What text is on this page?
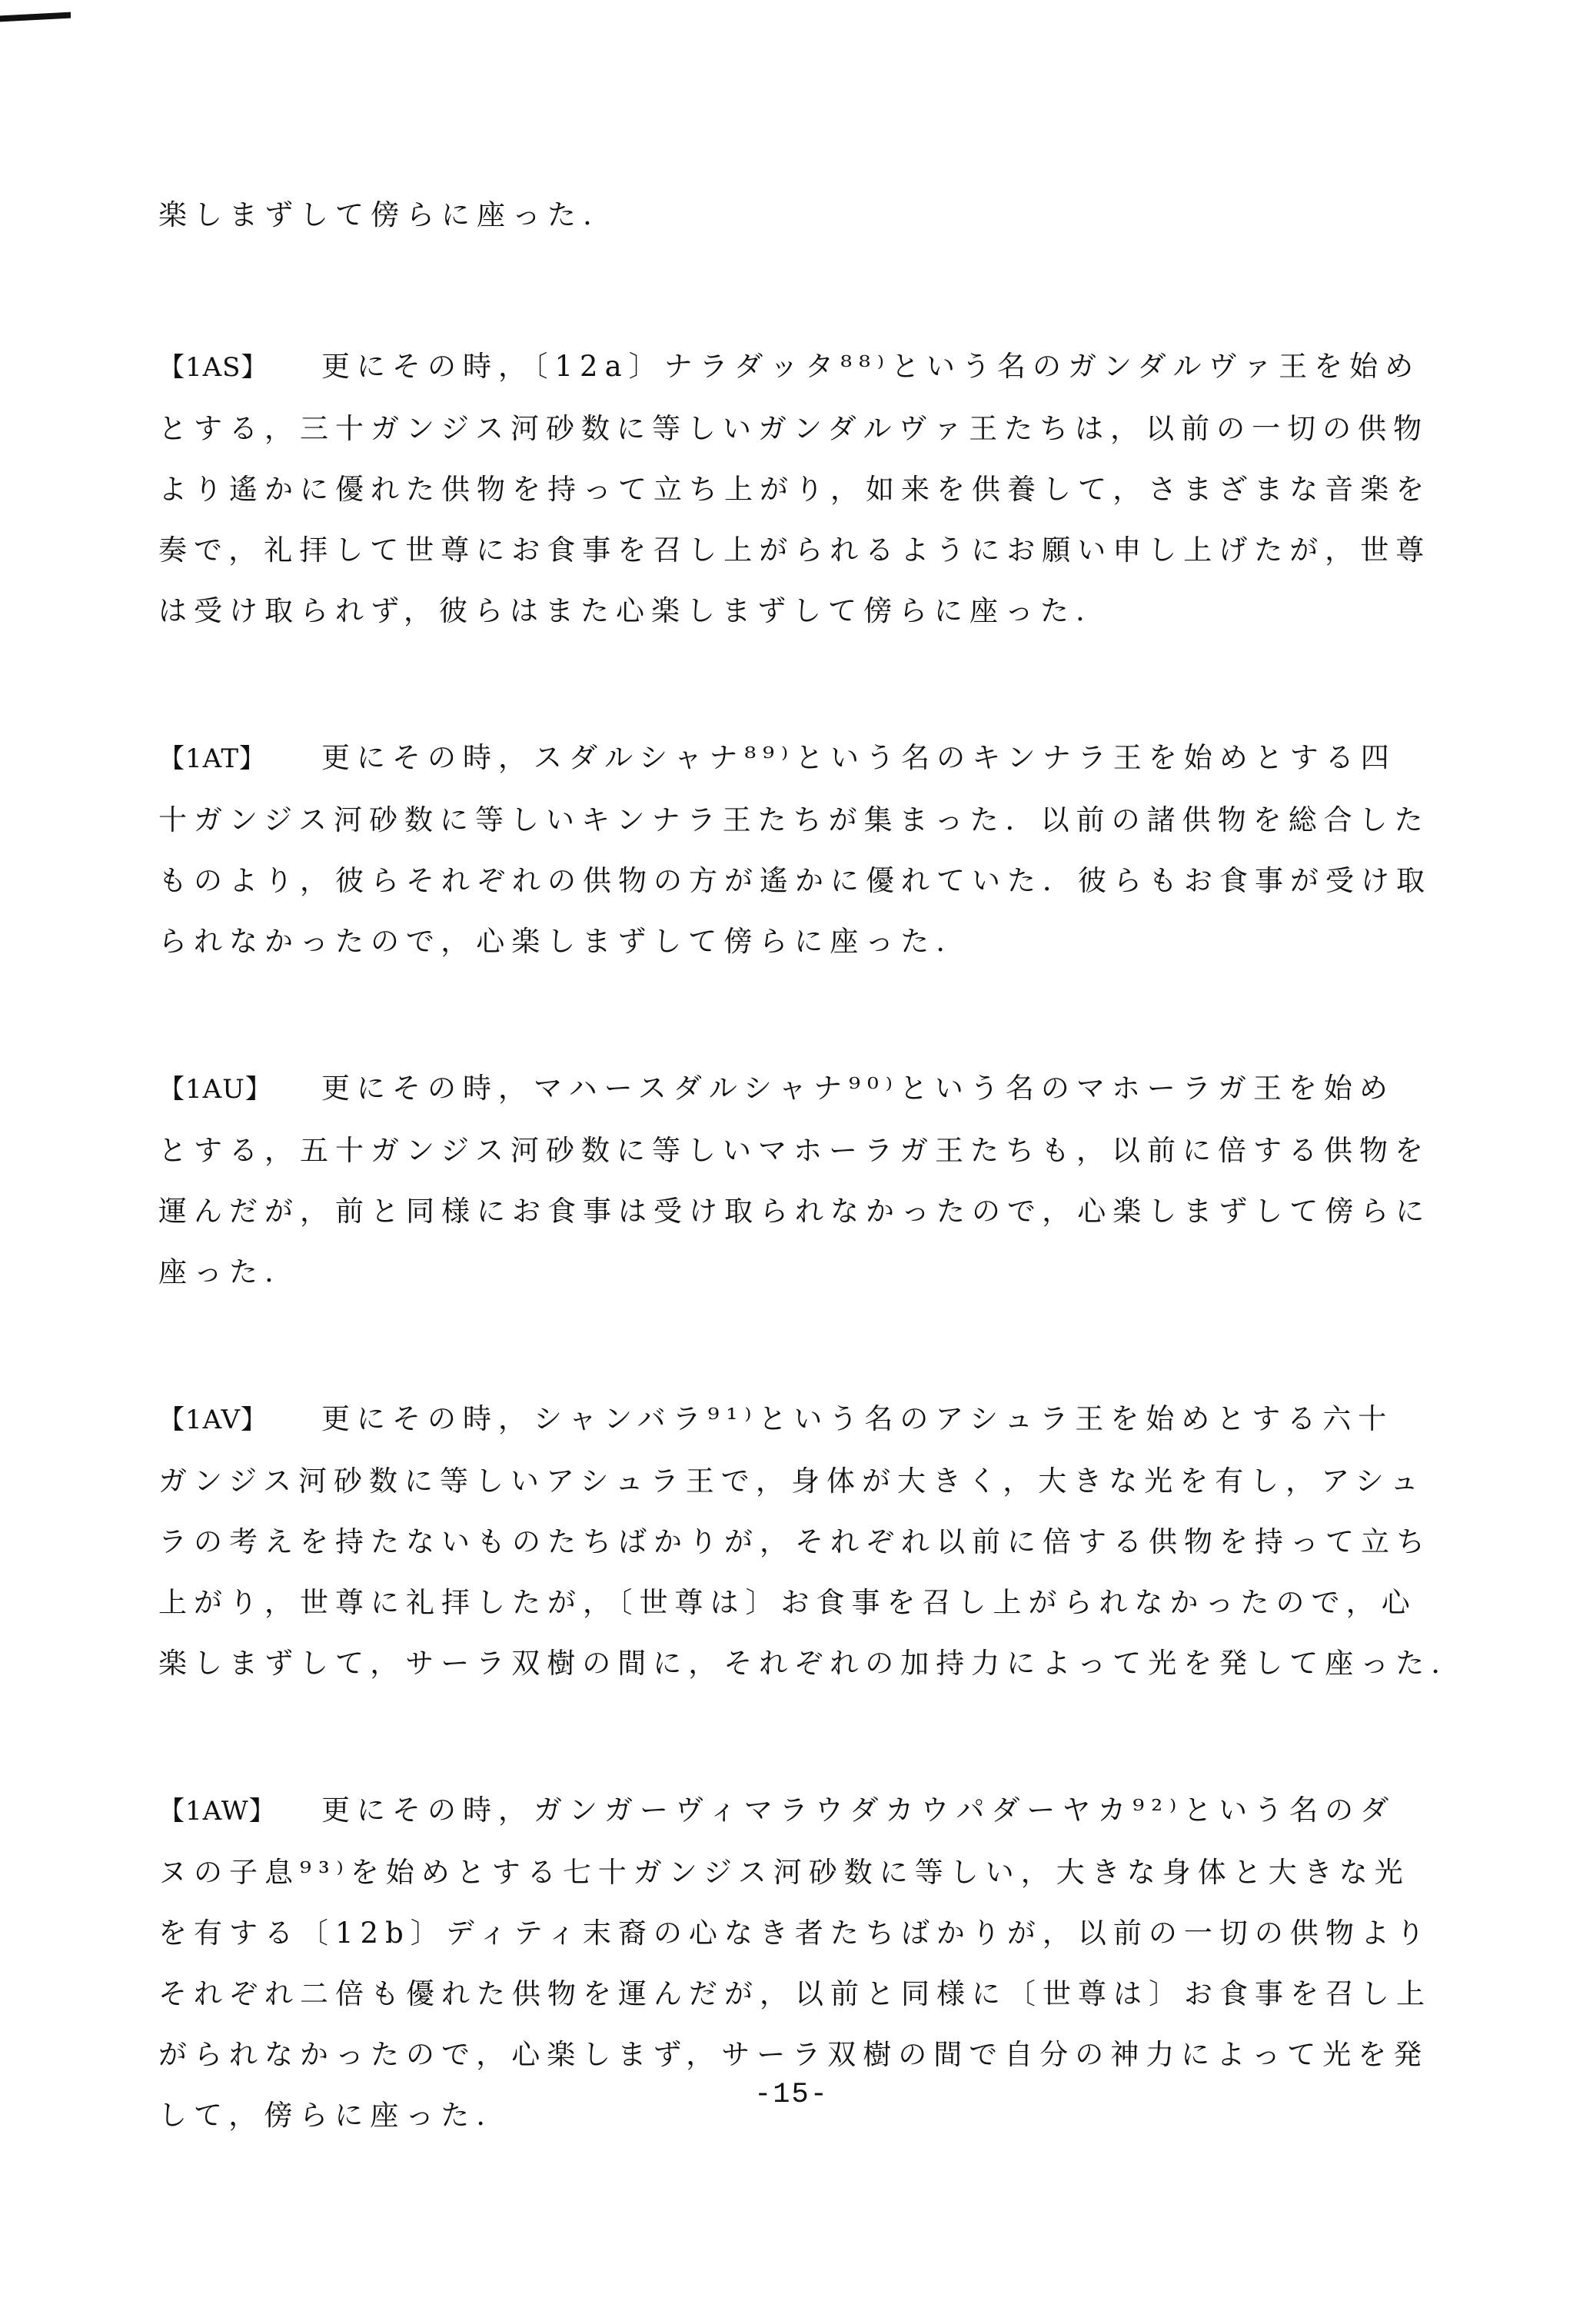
楽しまずして傍らに座った.
【1AS】 更にその時，〔12a〕ナラダッタ⁸⁸⁾という名のガンダルヴァ王を始め
とする，三十ガンジス河砂数に等しいガンダルヴァ王たちは，以前の一切の供物
より遙かに優れた供物を持って立ち上がり，如来を供養して，さまざまな音楽を
奏で，礼拝して世尊にお食事を召し上がられるようにお願い申し上げたが，世尊
は受け取られず，彼らはまた心楽しまずして傍らに座った.
【1AT】 更にその時，スダルシャナ⁸⁹⁾という名のキンナラ王を始めとする四
十ガンジス河砂数に等しいキンナラ王たちが集まった．以前の諸供物を総合した
ものより，彼らそれぞれの供物の方が遙かに優れていた．彼らもお食事が受け取
られなかったので，心楽しまずして傍らに座った.
【1AU】 更にその時，マハースダルシャナ⁹⁰⁾という名のマホーラガ王を始め
とする，五十ガンジス河砂数に等しいマホーラガ王たちも，以前に倍する供物を
運んだが，前と同様にお食事は受け取られなかったので，心楽しまずして傍らに
座った.
【1AV】 更にその時，シャンバラ⁹¹⁾という名のアシュラ王を始めとする六十
ガンジス河砂数に等しいアシュラ王で，身体が大きく，大きな光を有し，アシュ
ラの考えを持たないものたちばかりが，それぞれ以前に倍する供物を持って立ち
上がり，世尊に礼拝したが，〔世尊は〕お食事を召し上がられなかったので，心
楽しまずして，サーラ双樹の間に，それぞれの加持力によって光を発して座った.
【1AW】 更にその時，ガンガーヴィマラウダカウパダーヤカ⁹²⁾という名のダ
ヌの子息⁹³⁾を始めとする七十ガンジス河砂数に等しい，大きな身体と大きな光
を有する〔12b〕ディティ末裔の心なき者たちばかりが，以前の一切の供物より
それぞれ二倍も優れた供物を運んだが，以前と同様に〔世尊は〕お食事を召し上
がられなかったので，心楽しまず，サーラ双樹の間で自分の神力によって光を発
して，傍らに座った.
-15-
